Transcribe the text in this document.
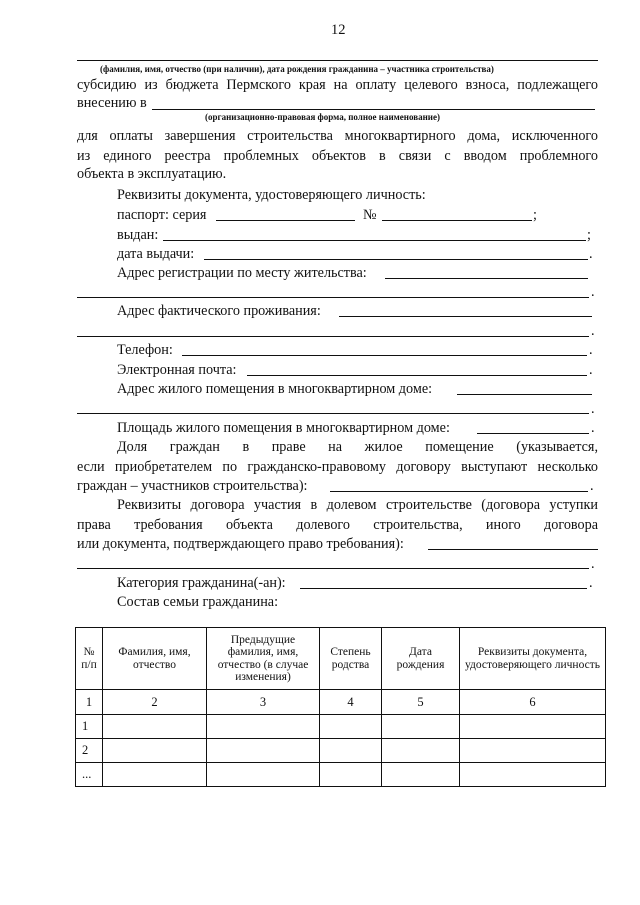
12
(фамилия, имя, отчество (при наличии), дата рождения гражданина – участника строительства)
субсидию из бюджета Пермского края на оплату целевого взноса, подлежащего
внесению в
(организационно-правовая форма, полное наименование)
для оплаты завершения строительства многоквартирного дома, исключенного
из единого реестра проблемных объектов в связи с вводом проблемного
объекта в эксплуатацию.
Реквизиты документа, удостоверяющего личность:
паспорт: серия	№	;
выдан:	;
дата выдачи:	.
Адрес регистрации по месту жительства:
.
Адрес фактического проживания:
.
Телефон:	.
Электронная почта:	.
Адрес жилого помещения в многоквартирном доме:
.
Площадь жилого помещения в многоквартирном доме:	.
Доля граждан в праве на жилое помещение (указывается,
если приобретателем по гражданско-правовому договору выступают несколько
граждан – участников строительства):	.
Реквизиты договора участия в долевом строительстве (договора уступки
права требования объекта долевого строительства, иного договора
или документа, подтверждающего право требования):
.
Категория гражданина(-ан):	.
Состав семьи гражданина:
№ п/п	Фамилия, имя, отчество	Предыдущие фамилия, имя, отчество (в случае изменения)	Степень родства	Дата рождения	Реквизиты документа, удостоверяющего личность
1	2	3	4	5	6
1					
2					
...					
